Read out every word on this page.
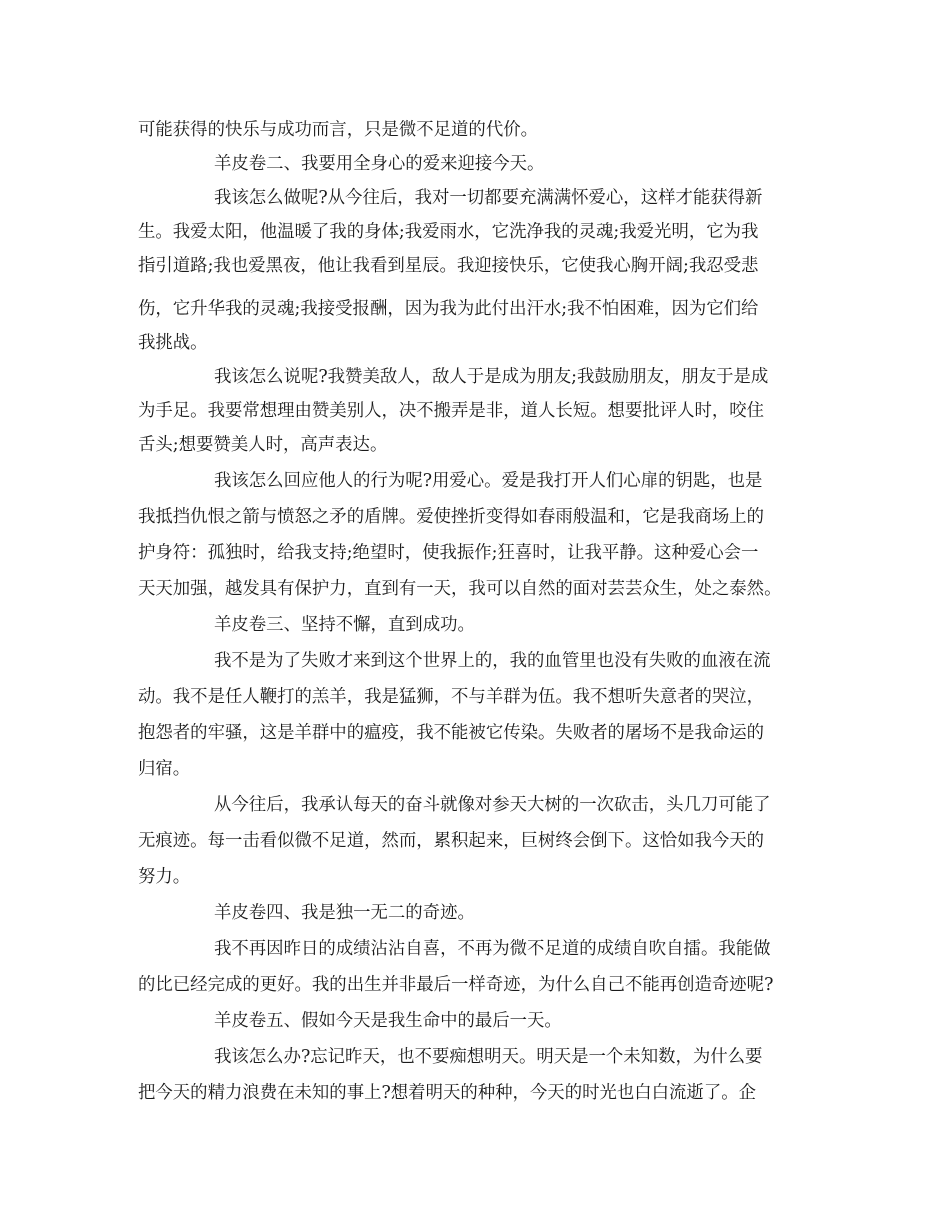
可能获得的快乐与成功而言，只是微不足道的代价。
羊皮卷二、我要用全身心的爱来迎接今天。
我该怎么做呢?从今往后，我对一切都要充满满怀爱心，这样才能获得新
生。我爱太阳，他温暖了我的身体;我爱雨水，它洗净我的灵魂;我爱光明，它为我
指引道路;我也爱黑夜，他让我看到星辰。我迎接快乐，它使我心胸开阔;我忍受悲
伤，它升华我的灵魂;我接受报酬，因为我为此付出汗水;我不怕困难，因为它们给
我挑战。
我该怎么说呢?我赞美敌人，敌人于是成为朋友;我鼓励朋友，朋友于是成
为手足。我要常想理由赞美别人，决不搬弄是非，道人长短。想要批评人时，咬住
舌头;想要赞美人时，高声表达。
我该怎么回应他人的行为呢?用爱心。爱是我打开人们心扉的钥匙，也是
我抵挡仇恨之箭与愤怒之矛的盾牌。爱使挫折变得如春雨般温和，它是我商场上的
护身符：孤独时，给我支持;绝望时，使我振作;狂喜时，让我平静。这种爱心会一
天天加强，越发具有保护力，直到有一天，我可以自然的面对芸芸众生，处之泰然。
羊皮卷三、坚持不懈，直到成功。
我不是为了失败才来到这个世界上的，我的血管里也没有失败的血液在流
动。我不是任人鞭打的羔羊，我是猛狮，不与羊群为伍。我不想听失意者的哭泣，
抱怨者的牢骚，这是羊群中的瘟疫，我不能被它传染。失败者的屠场不是我命运的
归宿。
从今往后，我承认每天的奋斗就像对参天大树的一次砍击，头几刀可能了
无痕迹。每一击看似微不足道，然而，累积起来，巨树终会倒下。这恰如我今天的
努力。
羊皮卷四、我是独一无二的奇迹。
我不再因昨日的成绩沾沾自喜，不再为微不足道的成绩自吹自擂。我能做
的比已经完成的更好。我的出生并非最后一样奇迹，为什么自己不能再创造奇迹呢?
羊皮卷五、假如今天是我生命中的最后一天。
我该怎么办?忘记昨天，也不要痴想明天。明天是一个未知数，为什么要
把今天的精力浪费在未知的事上?想着明天的种种，今天的时光也白白流逝了。企
